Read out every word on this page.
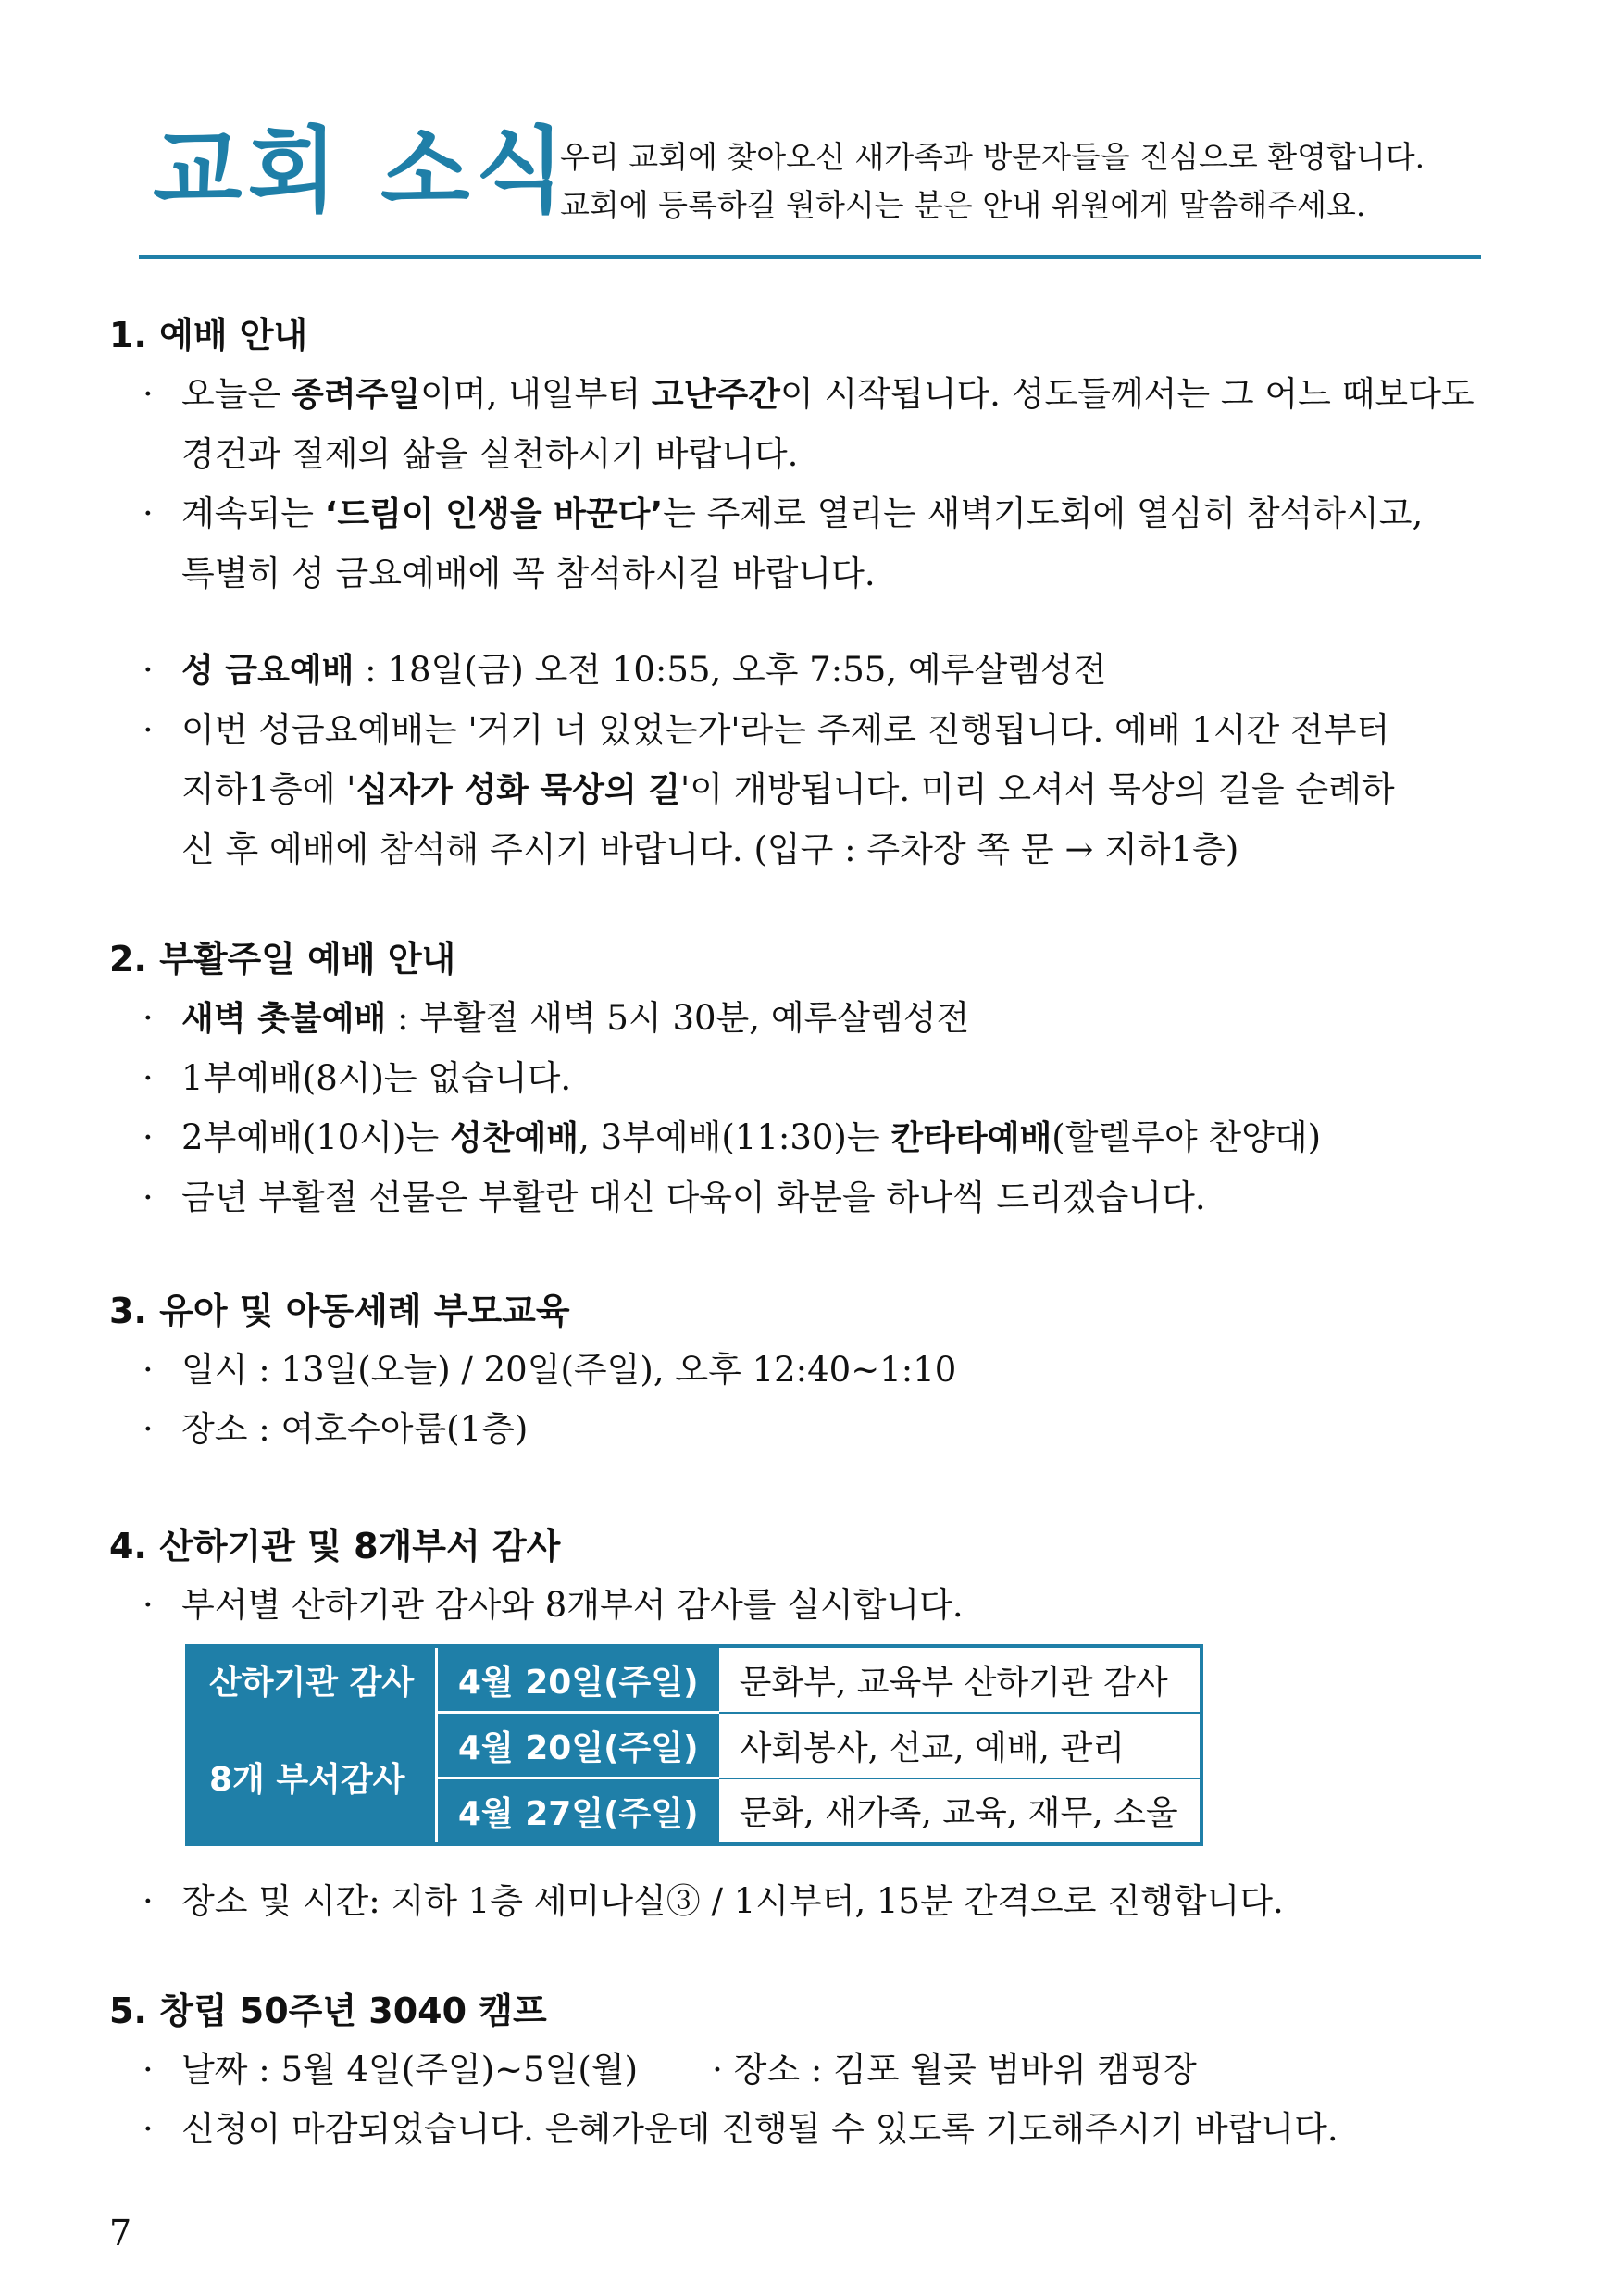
교회 소식
우리 교회에 찾아오신 새가족과 방문자들을 진심으로 환영합니다.
교회에 등록하길 원하시는 분은 안내 위원에게 말씀해주세요.
1. 예배 안내
· 오늘은 종려주일이며, 내일부터 고난주간이 시작됩니다. 성도들께서는 그 어느 때보다도
경건과 절제의 삶을 실천하시기 바랍니다.
· 계속되는 ‘드림이 인생을 바꾼다’는 주제로 열리는 새벽기도회에 열심히 참석하시고,
특별히 성 금요예배에 꼭 참석하시길 바랍니다.
· 성 금요예배 : 18일(금) 오전 10:55, 오후 7:55, 예루살렘성전
· 이번 성금요예배는 '거기 너 있었는가'라는 주제로 진행됩니다. 예배 1시간 전부터
지하1층에 '십자가 성화 묵상의 길'이 개방됩니다. 미리 오셔서 묵상의 길을 순례하
신 후 예배에 참석해 주시기 바랍니다. (입구 : 주차장 쪽 문 → 지하1층)
2. 부활주일 예배 안내
· 새벽 촛불예배 : 부활절 새벽 5시 30분, 예루살렘성전
· 1부예배(8시)는 없습니다.
· 2부예배(10시)는 성찬예배, 3부예배(11:30)는 칸타타예배(할렐루야 찬양대)
· 금년 부활절 선물은 부활란 대신 다육이 화분을 하나씩 드리겠습니다.
3. 유아 및 아동세례 부모교육
· 일시 : 13일(오늘) / 20일(주일), 오후 12:40~1:10
· 장소 : 여호수아룸(1층)
4. 산하기관 및 8개부서 감사
· 부서별 산하기관 감사와 8개부서 감사를 실시합니다.
산하기관 감사	4월 20일(주일)	문화부, 교육부 산하기관 감사
8개 부서감사	4월 20일(주일)	사회봉사, 선교, 예배, 관리
	4월 27일(주일)	문화, 새가족, 교육, 재무, 소울
· 장소 및 시간: 지하 1층 세미나실③ / 1시부터, 15분 간격으로 진행합니다.
5. 창립 50주년 3040 캠프
· 날짜 : 5월 4일(주일)~5일(월) · 장소 : 김포 월곶 범바위 캠핑장
· 신청이 마감되었습니다. 은혜가운데 진행될 수 있도록 기도해주시기 바랍니다.
7
